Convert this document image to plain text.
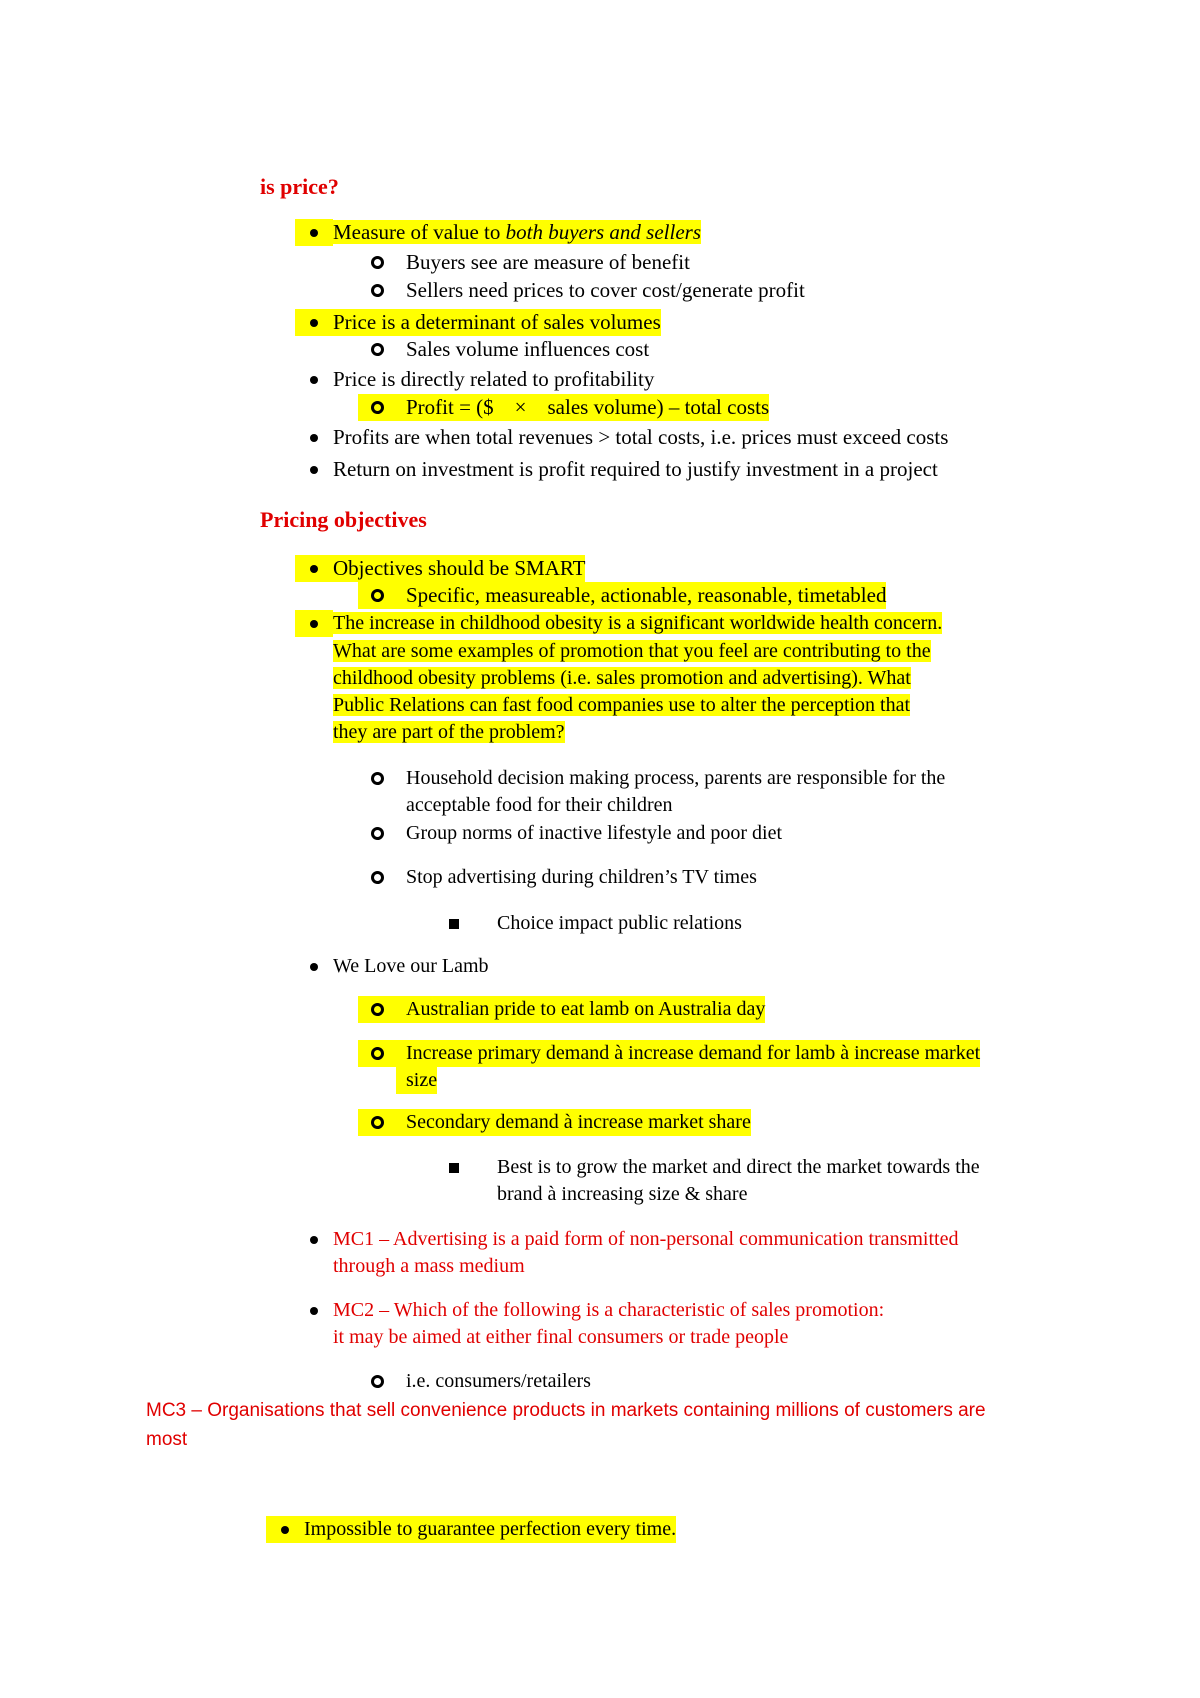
is price?
Measure of value to both buyers and sellers
Buyers see are measure of benefit
Sellers need prices to cover cost/generate profit
Price is a determinant of sales volumes
Sales volume influences cost
Price is directly related to profitability
Profit = ($    ×    sales volume) – total costs
Profits are when total revenues > total costs, i.e. prices must exceed costs
Return on investment is profit required to justify investment in a project
Pricing objectives
Objectives should be SMART
Specific, measureable, actionable, reasonable, timetabled
The increase in childhood obesity is a significant worldwide health concern.
What are some examples of promotion that you feel are contributing to the
childhood obesity problems (i.e. sales promotion and advertising). What
Public Relations can fast food companies use to alter the perception that
they are part of the problem?
Household decision making process, parents are responsible for the
acceptable food for their children
Group norms of inactive lifestyle and poor diet
Stop advertising during children’s TV times
Choice impact public relations
We Love our Lamb
Australian pride to eat lamb on Australia day
Increase primary demand à increase demand for lamb à increase market
size
Secondary demand à increase market share
Best is to grow the market and direct the market towards the
brand à increasing size & share
MC1 – Advertising is a paid form of non-personal communication transmitted
through a mass medium
MC2 – Which of the following is a characteristic of sales promotion:
it may be aimed at either final consumers or trade people
i.e. consumers/retailers
MC3 – Organisations that sell convenience products in markets containing millions of customers are
most
Impossible to guarantee perfection every time.
